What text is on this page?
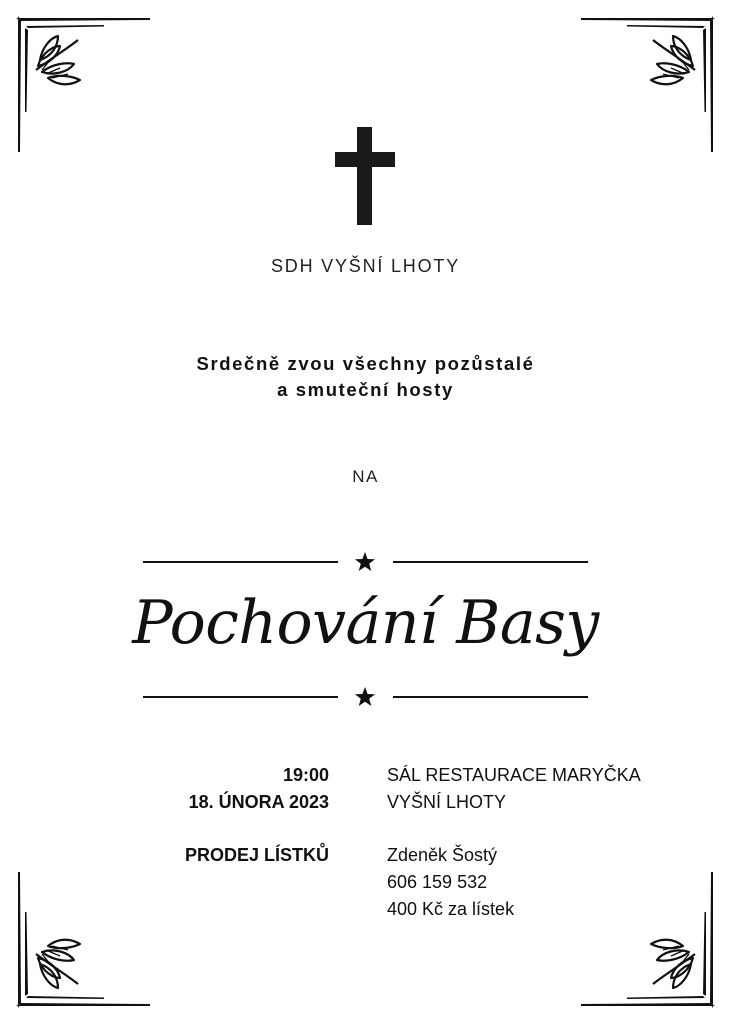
SDH VYŠNÍ LHOTY
Srdečně zvou všechny pozůstalé
a smuteční hosty
NA
Pochování Basy
19:00
18. ÚNORA 2023
SÁL RESTAURACE MARYČKA
VYŠNÍ LHOTY
PRODEJ LÍSTKŮ	Zdeněk Šostý
606 159 532
400 Kč za lístek
